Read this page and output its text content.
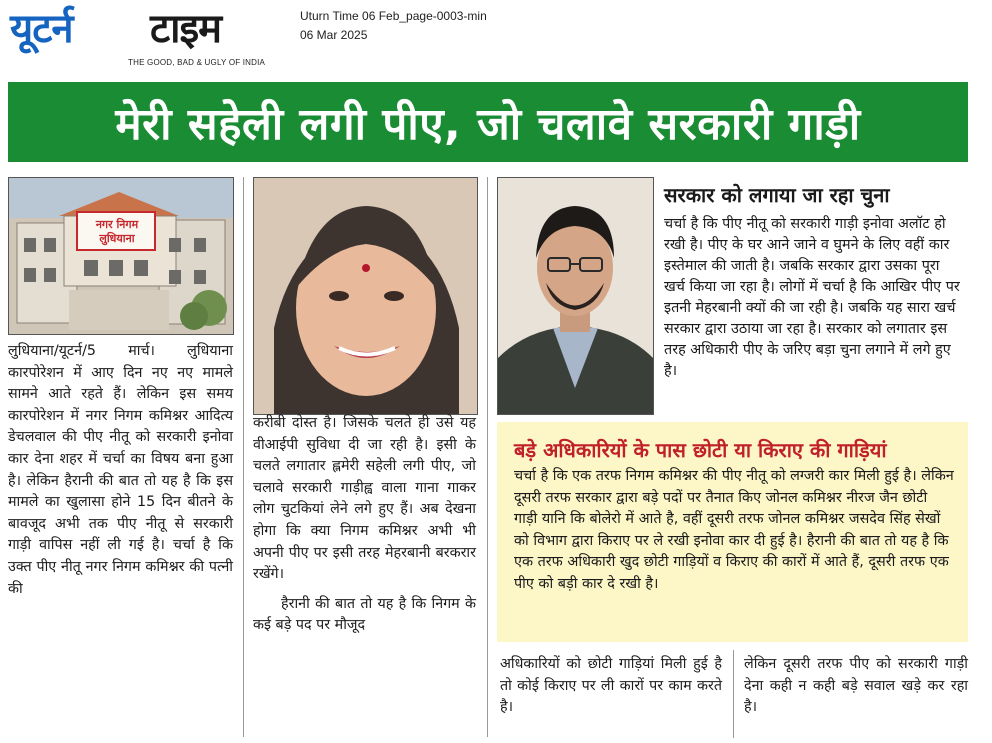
यूटर्न टाइम
THE GOOD, BAD & UGLY OF INDIA
Uturn Time 06 Feb_page-0003-min
06 Mar 2025
मेरी सहेली लगी पीए, जो चलावे सरकारी गाड़ी
नगर निगम लुधियाना

लुधियाना/यूटर्न/5 मार्च। लुधियाना कारपोरेशन में आए दिन नए नए मामले सामने आते रहते हैं। लेकिन इस समय कारपोरेशन में नगर निगम कमिश्नर आदित्य डेचलवाल की पीए नीतू को सरकारी इनोवा कार देना शहर में चर्चा का विषय बना हुआ है। लेकिन हैरानी की बात तो यह है कि इस मामले का खुलासा होने 15 दिन बीतने के बावजूद अभी तक पीए नीतू से सरकारी गाड़ी वापिस नहीं ली गई है। चर्चा है कि उक्त पीए नीतू नगर निगम कमिश्नर की पत्नी की

करीबी दोस्त है। जिसके चलते ही उसे यह वीआईपी सुविधा दी जा रही है। इसी के चलते लगातार ह्लमेरी सहेली लगी पीए, जो चलावे सरकारी गाड़ीह्व वाला गाना गाकर लोग चुटकियां लेने लगे हुए हैं। अब देखना होगा कि क्या निगम कमिश्नर अभी भी अपनी पीए पर इसी तरह मेहरबानी बरकरार रखेंगे।

हैरानी की बात तो यह है कि निगम के कई बड़े पद पर मौजूद

सरकार को लगाया जा रहा चुना
चर्चा है कि पीए नीतू को सरकारी गाड़ी इनोवा अलॉट हो रखी है। पीए के घर आने जाने व घुमने के लिए वहीं कार इस्तेमाल की जाती है। जबकि सरकार द्वारा उसका पूरा खर्च किया जा रहा है। लोगों में चर्चा है कि आखिर पीए पर इतनी मेहरबानी क्यों की जा रही है। जबकि यह सारा खर्च सरकार द्वारा उठाया जा रहा है। सरकार को लगातार इस तरह अधिकारी पीए के जरिए बड़ा चुना लगाने में लगे हुए है।
बड़े अधिकारियों के पास छोटी या किराए की गाड़ियां
चर्चा है कि एक तरफ निगम कमिश्नर की पीए नीतू को लग्जरी कार मिली हुई है। लेकिन दूसरी तरफ सरकार द्वारा बड़े पदों पर तैनात किए जोनल कमिश्नर नीरज जैन छोटी गाड़ी यानि कि बोलेरो में आते है, वहीं दूसरी तरफ जोनल कमिश्नर जसदेव सिंह सेखों को विभाग द्वारा किराए पर ले रखी इनोवा कार दी हुई है। हैरानी की बात तो यह है कि एक तरफ अधिकारी खुद छोटी गाड़ियों व किराए की कारों में आते हैं, दूसरी तरफ एक पीए को बड़ी कार दे रखी है।

अधिकारियों को छोटी गाड़ियां मिली हुई है तो कोई किराए पर ली कारों पर काम करते है।

लेकिन दूसरी तरफ पीए को सरकारी गाड़ी देना कही न कही बड़े सवाल खड़े कर रहा है।
